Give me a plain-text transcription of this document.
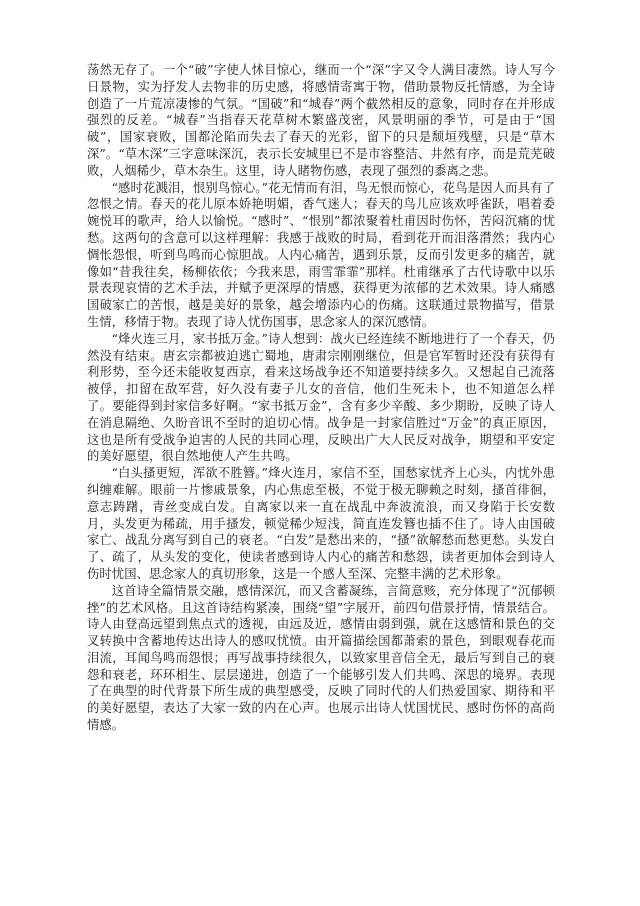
荡然无存了。一个“破”字使人怵目惊心，继而一个“深”字又令人满目凄然。诗人写今日景物，实为抒发人去物非的历史感，将感情寄寓于物，借助景物反托情感，为全诗创造了一片荒凉凄惨的气氛。“国破”和“城春”两个截然相反的意象，同时存在并形成强烈的反差。“城春”当指春天花草树木繁盛茂密，风景明丽的季节，可是由于“国破”，国家衰败，国都沦陷而失去了春天的光彩，留下的只是颓垣残壁，只是“草木深”。“草木深”三字意味深沉，表示长安城里已不是市容整洁、井然有序，而是荒芜破败，人烟稀少，草木杂生。这里，诗人睹物伤感，表现了强烈的黍离之悲。

“感时花溅泪，恨别鸟惊心。”花无情而有泪，鸟无恨而惊心，花鸟是因人而具有了忽恨之情。春天的花儿原本娇艳明媚，香气迷人；春天的鸟儿应该欢呼雀跃，唱着委婉悦耳的歌声，给人以愉悦。“感时”、“恨别”都浓聚着杜甫因时伤怀，苦闷沉痛的忧愁。这两句的含意可以这样理解：我感于战败的时局，看到花开而泪落潸然；我内心惆怅怨恨，听到鸟鸣而心惊胆战。人内心痛苦，遇到乐景，反而引发更多的痛苦，就像如“昔我往矣，杨柳依依；今我来思，雨雪霏霏”那样。杜甫继承了古代诗歌中以乐景表现哀情的艺术手法，并赋予更深厚的情感，获得更为浓郁的艺术效果。诗人痛感国破家亡的苦恨，越是美好的景象，越会增添内心的伤痛。这联通过景物描写，借景生情，移情于物。表现了诗人忧伤国事，思念家人的深沉感情。

“烽火连三月，家书抵万金。”诗人想到：战火已经连续不断地进行了一个春天，仍然没有结束。唐玄宗都被迫逃亡蜀地，唐肃宗刚刚继位，但是官军暂时还没有获得有利形势，至今还未能收复西京，看来这场战争还不知道要持续多久。又想起自己流落被俘，扣留在敌军营，好久没有妻子儿女的音信，他们生死未卜，也不知道怎么样了。要能得到封家信多好啊。“家书抵万金”，含有多少辛酸、多少期盼，反映了诗人在消息隔绝、久盼音讯不至时的迫切心情。战争是一封家信胜过“万金”的真正原因，这也是所有受战争迫害的人民的共同心理，反映出广大人民反对战争，期望和平安定的美好愿望，很自然地使人产生共鸣。

“白头搔更短，浑欲不胜簪。”烽火连月，家信不至，国愁家忧齐上心头，内忧外患纠缠难解。眼前一片惨戚景象，内心焦虑至极，不觉于极无聊赖之时刻，搔首徘徊，意志踌躇，青丝变成白发。自离家以来一直在战乱中奔波流浪，而又身陷于长安数月，头发更为稀疏，用手搔发，顿觉稀少短浅，简直连发簪也插不住了。诗人由国破家亡、战乱分离写到自己的衰老。“白发”是愁出来的，“搔”欲解愁而愁更愁。头发白了、疏了，从头发的变化，使读者感到诗人内心的痛苦和愁怨，读者更加体会到诗人伤时忧国、思念家人的真切形象，这是一个感人至深、完整丰满的艺术形象。

这首诗全篇情景交融，感情深沉，而又含蓄凝练，言简意赅，充分体现了“沉郁顿挫”的艺术风格。且这首诗结构紧凑，围绕“望”字展开，前四句借景抒情，情景结合。诗人由登高远望到焦点式的透视，由远及近，感情由弱到强，就在这感情和景色的交叉转换中含蓄地传达出诗人的感叹忧愤。由开篇描绘国都萧索的景色，到眼观春花而泪流，耳闻鸟鸣而怨恨；再写战事持续很久，以致家里音信全无，最后写到自己的衰怨和衰老，环环相生、层层递进，创造了一个能够引发人们共鸣、深思的境界。表现了在典型的时代背景下所生成的典型感受，反映了同时代的人们热爱国家、期待和平的美好愿望，表达了大家一致的内在心声。也展示出诗人忧国忧民、感时伤怀的高尚情感。
